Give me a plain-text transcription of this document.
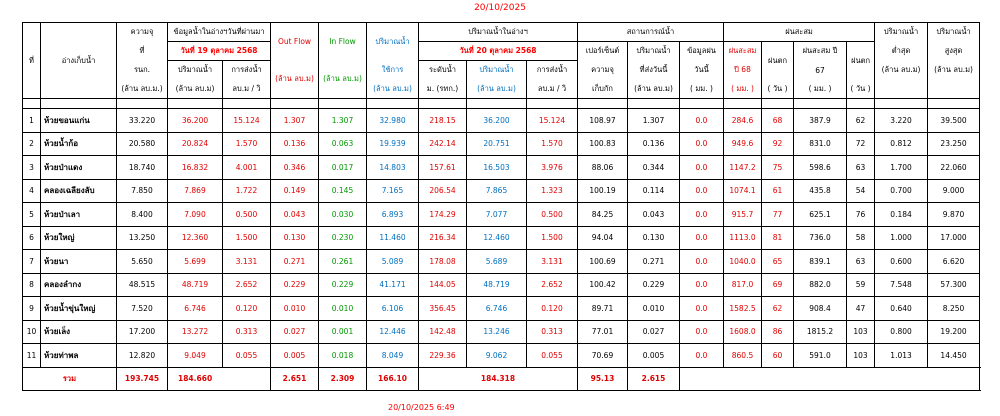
20/10/2025
ที่	อ่างเก็บน้ำ	ความจุ	ข้อมูลน้ำในอ่างฯวันที่ผ่านมา		Out Flow	In Flow	ปริมาณน้ำ	ปริมาณน้ำในอ่างฯ			สถานการณ์น้ำ			ฝนสะสม				ปริมาณน้ำ	ปริมาณน้ำ
		ที่	วันที่ 19 ตุลาคม 2568					วันที่ 20 ตุลาคม 2568			เปอร์เซ็นต์	ปริมาณน้ำ	ข้อมูลฝน	ฝนสะสม	ฝนตก	ฝนสะสม ปี	ฝนตก	ต่ำสุด	สูงสุด
		รนก.	ปริมาณน้ำ	การส่งน้ำ	(ล้าน ลบ.ม)	(ล้าน ลบ.ม)	ใช้การ	ระดับน้ำ	ปริมาณน้ำ	การส่งน้ำ	ความจุ	ที่ส่งวันนี้	วันนี้	ปี 68		67		(ล้าน ลบ.ม)	(ล้าน ลบ.ม)
		(ล้าน ลบ.ม.)	(ล้าน ลบ.ม)	ลบ.ม / วิ			(ล้าน ลบ.ม)	ม. (รทก.)	(ล้าน ลบ.ม)	ลบ.ม / วิ	เก็บกัก	(ล้าน ลบ.ม)	( มม. )	( มม. )	( วัน )	( มม. )	( วัน )		

1	ห้วยขอนแก่น	33.220	36.200	15.124	1.307	1.307	32.980	218.15	36.200	15.124	108.97	1.307	0.0	284.6	68	387.9	62	3.220	39.500
2	ห้วยน้ำก้อ	20.580	20.824	1.570	0.136	0.063	19.939	242.14	20.751	1.570	100.83	0.136	0.0	949.6	92	831.0	72	0.812	23.250
3	ห้วยป่าแดง	18.740	16.832	4.001	0.346	0.017	14.803	157.61	16.503	3.976	88.06	0.344	0.0	1147.2	75	598.6	63	1.700	22.060
4	คลองเฉลียงลับ	7.850	7.869	1.722	0.149	0.145	7.165	206.54	7.865	1.323	100.19	0.114	0.0	1074.1	61	435.8	54	0.700	9.000
5	ห้วยป่าเลา	8.400	7.090	0.500	0.043	0.030	6.893	174.29	7.077	0.500	84.25	0.043	0.0	915.7	77	625.1	76	0.184	9.870
6	ห้วยใหญ่	13.250	12.360	1.500	0.130	0.230	11.460	216.34	12.460	1.500	94.04	0.130	0.0	1113.0	81	736.0	58	1.000	17.000
7	ห้วยนา	5.650	5.699	3.131	0.271	0.261	5.089	178.08	5.689	3.131	100.69	0.271	0.0	1040.0	65	839.1	63	0.600	6.620
8	คลองลำกง	48.515	48.719	2.652	0.229	0.229	41.171	144.05	48.719	2.652	100.42	0.229	0.0	817.0	69	882.0	59	7.548	57.300
9	ห้วยน้ำขุ่นใหญ่	7.520	6.746	0.120	0.010	0.010	6.106	356.45	6.746	0.120	89.71	0.010	0.0	1582.5	62	908.4	47	0.640	8.250
10	ห้วยเล็ง	17.200	13.272	0.313	0.027	0.001	12.446	142.48	13.246	0.313	77.01	0.027	0.0	1608.0	86	1815.2	103	0.800	19.200
11	ห้วยท่าพล	12.820	9.049	0.055	0.005	0.018	8.049	229.36	9.062	0.055	70.69	0.005	0.0	860.5	60	591.0	103	1.013	14.450
รวม		193.745	184.660		2.651	2.309	166.10	184.318			95.13	2.615							
20/10/2025 6:49
